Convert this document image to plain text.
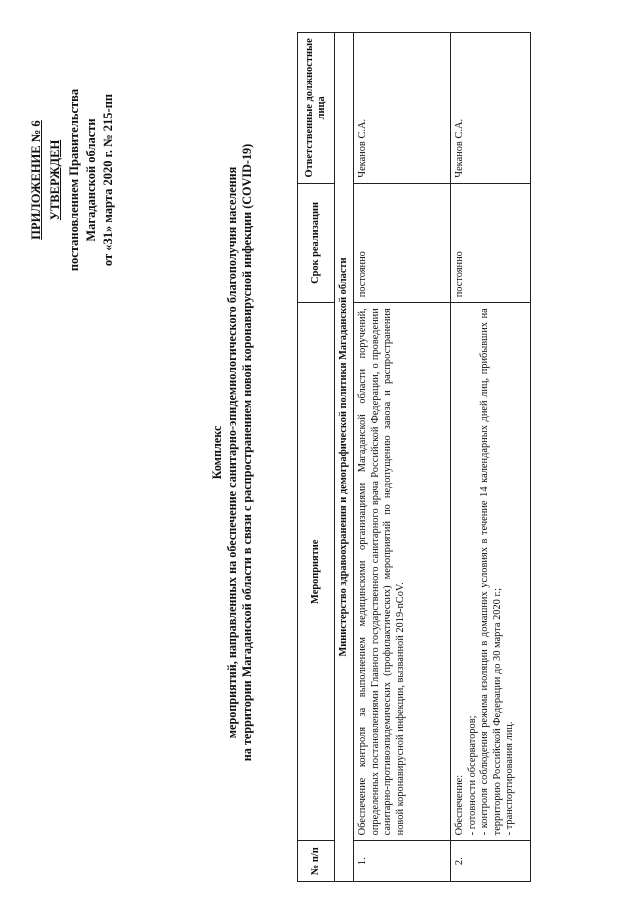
ПРИЛОЖЕНИЕ № 6 УТВЕРЖДЕН постановлением Правительства Магаданской области от «31» марта 2020 г. № 215-пп
Комплекс мероприятий, направленных на обеспечение санитарно-эпидемиологического благополучия населения на территории Магаданской области в связи с распространением новой коронавирусной инфекции (COVID-19)
№ п/п	Мероприятие	Срок реализации	Ответственные должностные лица
Министерство здравоохранения и демографической политики Магаданской области			
1.	Обеспечение контроля за выполнением медицинскими организациями Магаданской области поручений, определенных постановлениями Главного государственного санитарного врача Российской Федерации, о проведении санитарно-противоэпидемических (профилактических) мероприятий по недопущению завоза и распространения новой коронавирусной инфекции, вызванной 2019-nCoV.	постоянно	Чеканов С.А.
2.	Обеспечение: - готовности обсерваторов; - контроля соблюдения режима изоляции в домашних условиях в течение 14 календарных дней лиц, прибывших на территорию Российской Федерации до 30 марта 2020 г.; - транспортирования лиц.	постоянно	Чеканов С.А.
